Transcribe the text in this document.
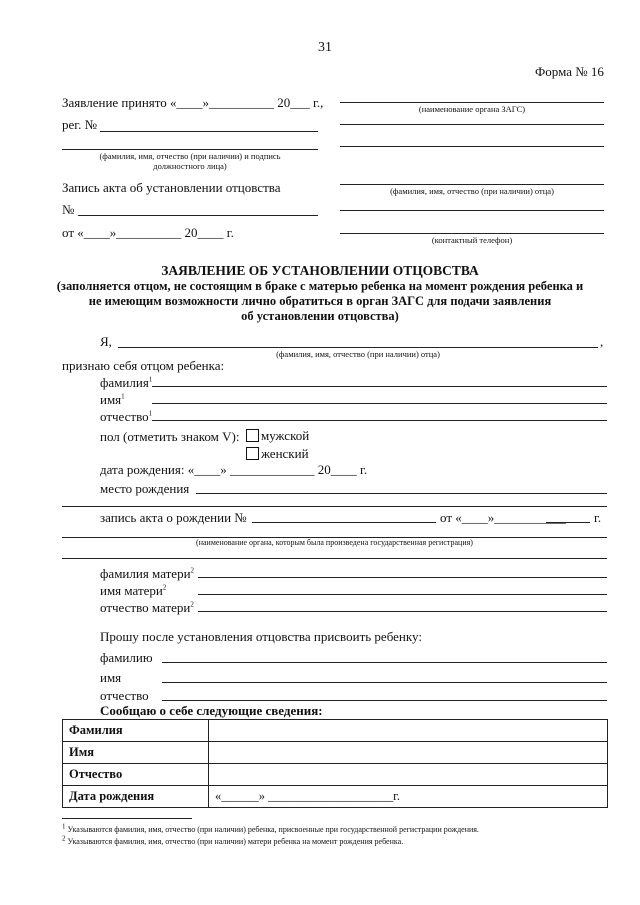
31
Форма № 16
Заявление принято «____»__________ 20___ г.,
рег. №
(фамилия, имя, отчество (при наличии) и подпись
должностного лица)
Запись акта об установлении отцовства
№
от «____»__________ 20____ г.
(наименование органа ЗАГС)
(фамилия, имя, отчество (при наличии) отца)
(контактный телефон)
ЗАЯВЛЕНИЕ ОБ УСТАНОВЛЕНИИ ОТЦОВСТВА
(заполняется отцом, не состоящим в браке с матерью ребенка на момент рождения ребенка и
не имеющим возможности лично обратиться в орган ЗАГС для подачи заявления
об установлении отцовства)
Я,	,
(фамилия, имя, отчество (при наличии) отца)
признаю себя отцом ребенка:
фамилия$^1$
имя$^1$
отчество$^1$
пол (отметить знаком V):	мужской
женский
дата рождения: «____» _____________ 20____ г.
место рождения
запись акта о рождении №	от «____»___________ г.
(наименование органа, которым была произведена государственная регистрация)
фамилия матери$^2$
имя матери$^2$
отчество матери$^2$
Прошу после установления отцовства присвоить ребенку:
фамилию
имя
отчество
Сообщаю о себе следующие сведения:
Фамилия	
Имя	
Отчество	
Дата рождения	«______» ____________________г.
$^1$ Указываются фамилия, имя, отчество (при наличии) ребенка, присвоенные при государственной регистрации рождения.
$^2$ Указываются фамилия, имя, отчество (при наличии) матери ребенка на момент рождения ребенка.
